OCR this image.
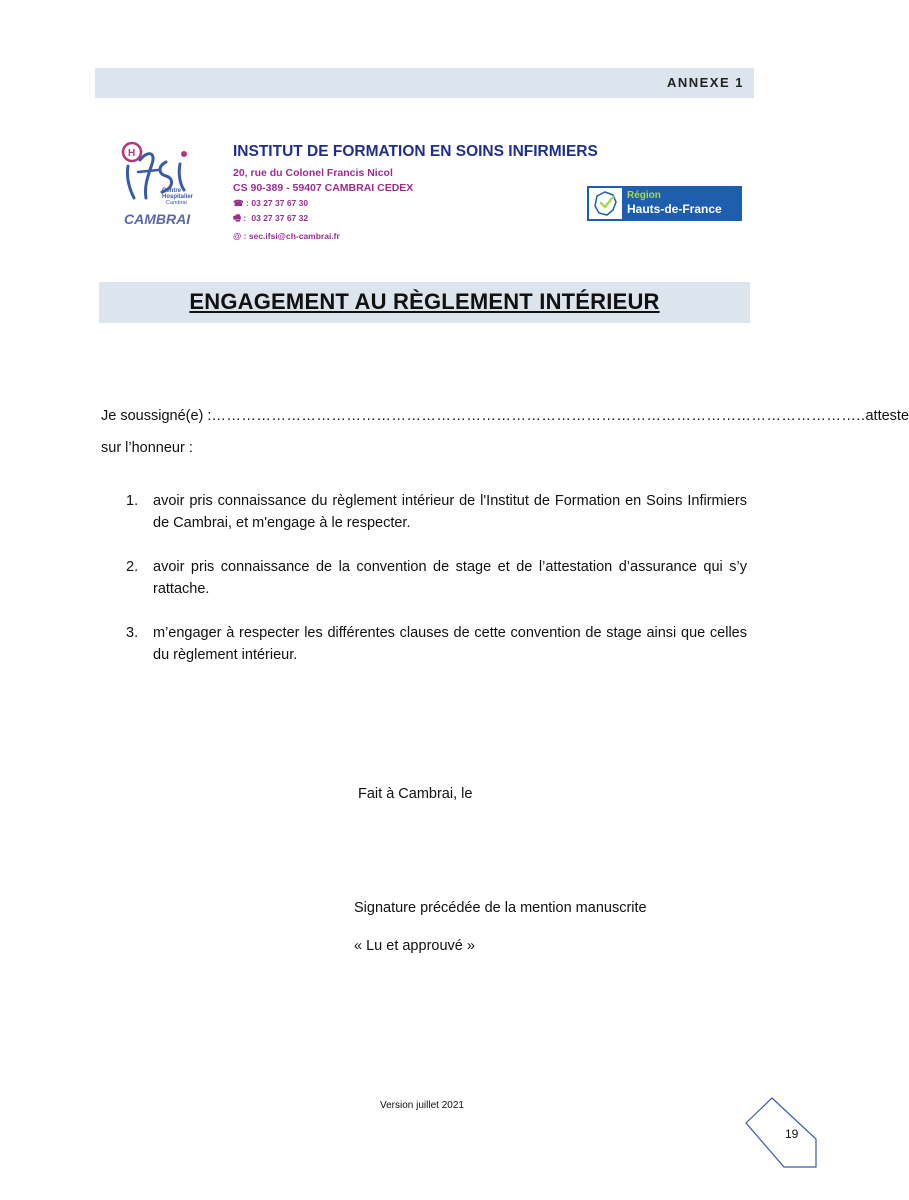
ANNEXE 1
H
Centre
Hospitalier
Cambrai
CAMBRAI
INSTITUT DE FORMATION EN SOINS INFIRMIERS
20, rue du Colonel Francis Nicol
CS 90-389 - 59407 CAMBRAI CEDEX
☎ : 03 27 37 67 30
🖷 : 03 27 37 67 32
@ : sec.ifsi@ch-cambrai.fr
Région
Hauts-de-France
ENGAGEMENT AU RÈGLEMENT INTÉRIEUR
Je soussigné(e) : ………………………………………………………………………………………………………………….. atteste
sur l’honneur :
1. avoir pris connaissance du règlement intérieur de l'Institut de Formation en Soins Infirmiers de Cambrai, et m'engage à le respecter.
2. avoir pris connaissance de la convention de stage et de l’attestation d’assurance qui s’y rattache.
3. m’engager à respecter les différentes clauses de cette convention de stage ainsi que celles du règlement intérieur.
Fait à Cambrai, le
Signature précédée de la mention manuscrite
« Lu et approuvé »
Version juillet 2021
19
